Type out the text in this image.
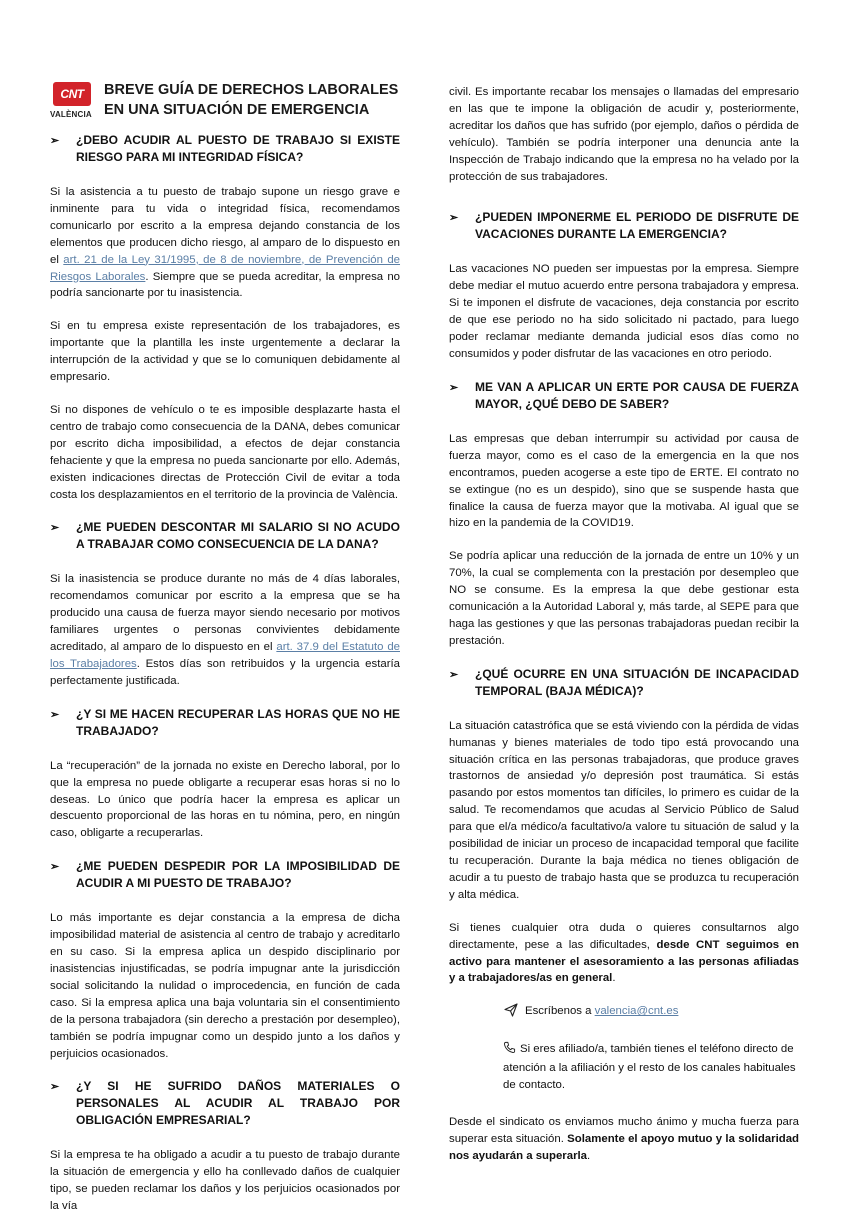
CNT
VALÈNCIA
BREVE GUÍA DE DERECHOS LABORALES EN UNA SITUACIÓN DE EMERGENCIA
➢	¿DEBO ACUDIR AL PUESTO DE TRABAJO SI EXISTE RIESGO PARA MI INTEGRIDAD FÍSICA?

Si la asistencia a tu puesto de trabajo supone un riesgo grave e inminente para tu vida o integridad física, recomendamos comunicarlo por escrito a la empresa dejando constancia de los elementos que producen dicho riesgo, al amparo de lo dispuesto en el art. 21 de la Ley 31/1995, de 8 de noviembre, de Prevención de Riesgos Laborales. Siempre que se pueda acreditar, la empresa no podría sancionarte por tu inasistencia.

Si en tu empresa existe representación de los trabajadores, es importante que la plantilla les inste urgentemente a declarar la interrupción de la actividad y que se lo comuniquen debidamente al empresario.

Si no dispones de vehículo o te es imposible desplazarte hasta el centro de trabajo como consecuencia de la DANA, debes comunicar por escrito dicha imposibilidad, a efectos de dejar constancia fehaciente y que la empresa no pueda sancionarte por ello. Además, existen indicaciones directas de Protección Civil de evitar a toda costa los desplazamientos en el territorio de la provincia de València.

➢	¿ME PUEDEN DESCONTAR MI SALARIO SI NO ACUDO A TRABAJAR COMO CONSECUENCIA DE LA DANA?

Si la inasistencia se produce durante no más de 4 días laborales, recomendamos comunicar por escrito a la empresa que se ha producido una causa de fuerza mayor siendo necesario por motivos familiares urgentes o personas convivientes debidamente acreditado, al amparo de lo dispuesto en el art. 37.9 del Estatuto de los Trabajadores. Estos días son retribuidos y la urgencia estaría perfectamente justificada.

➢	¿Y SI ME HACEN RECUPERAR LAS HORAS QUE NO HE TRABAJADO?

La “recuperación” de la jornada no existe en Derecho laboral, por lo que la empresa no puede obligarte a recuperar esas horas si no lo deseas. Lo único que podría hacer la empresa es aplicar un descuento proporcional de las horas en tu nómina, pero, en ningún caso, obligarte a recuperarlas.

➢	¿ME PUEDEN DESPEDIR POR LA IMPOSIBILIDAD DE ACUDIR A MI PUESTO DE TRABAJO?

Lo más importante es dejar constancia a la empresa de dicha imposibilidad material de asistencia al centro de trabajo y acreditarlo en su caso. Si la empresa aplica un despido disciplinario por inasistencias injustificadas, se podría impugnar ante la jurisdicción social solicitando la nulidad o improcedencia, en función de cada caso. Si la empresa aplica una baja voluntaria sin el consentimiento de la persona trabajadora (sin derecho a prestación por desempleo), también se podría impugnar como un despido junto a los daños y perjuicios ocasionados.

➢	¿Y SI HE SUFRIDO DAÑOS MATERIALES O PERSONALES AL ACUDIR AL TRABAJO POR OBLIGACIÓN EMPRESARIAL?

Si la empresa te ha obligado a acudir a tu puesto de trabajo durante la situación de emergencia y ello ha conllevado daños de cualquier tipo, se pueden reclamar los daños y los perjuicios ocasionados por la vía

civil. Es importante recabar los mensajes o llamadas del empresario en las que te impone la obligación de acudir y, posteriormente, acreditar los daños que has sufrido (por ejemplo, daños o pérdida de vehículo). También se podría interponer una denuncia ante la Inspección de Trabajo indicando que la empresa no ha velado por la protección de sus trabajadores.

➢	¿PUEDEN IMPONERME EL PERIODO DE DISFRUTE DE VACACIONES DURANTE LA EMERGENCIA?

Las vacaciones NO pueden ser impuestas por la empresa. Siempre debe mediar el mutuo acuerdo entre persona trabajadora y empresa. Si te imponen el disfrute de vacaciones, deja constancia por escrito de que ese periodo no ha sido solicitado ni pactado, para luego poder reclamar mediante demanda judicial esos días como no consumidos y poder disfrutar de las vacaciones en otro periodo.

➢	ME VAN A APLICAR UN ERTE POR CAUSA DE FUERZA MAYOR, ¿QUÉ DEBO DE SABER?

Las empresas que deban interrumpir su actividad por causa de fuerza mayor, como es el caso de la emergencia en la que nos encontramos, pueden acogerse a este tipo de ERTE. El contrato no se extingue (no es un despido), sino que se suspende hasta que finalice la causa de fuerza mayor que la motivaba. Al igual que se hizo en la pandemia de la COVID19.

Se podría aplicar una reducción de la jornada de entre un 10% y un 70%, la cual se complementa con la prestación por desempleo que NO se consume. Es la empresa la que debe gestionar esta comunicación a la Autoridad Laboral y, más tarde, al SEPE para que haga las gestiones y que las personas trabajadoras puedan recibir la prestación.

➢	¿QUÉ OCURRE EN UNA SITUACIÓN DE INCAPACIDAD TEMPORAL (BAJA MÉDICA)?

La situación catastrófica que se está viviendo con la pérdida de vidas humanas y bienes materiales de todo tipo está provocando una situación crítica en las personas trabajadoras, que produce graves trastornos de ansiedad y/o depresión post traumática. Si estás pasando por estos momentos tan difíciles, lo primero es cuidar de la salud. Te recomendamos que acudas al Servicio Público de Salud para que el/a médico/a facultativo/a valore tu situación de salud y la posibilidad de iniciar un proceso de incapacidad temporal que facilite tu recuperación. Durante la baja médica no tienes obligación de acudir a tu puesto de trabajo hasta que se produzca tu recuperación y alta médica.

Si tienes cualquier otra duda o quieres consultarnos algo directamente, pese a las dificultades, desde CNT seguimos en activo para mantener el asesoramiento a las personas afiliadas y a trabajadores/as en general.

Escríbenos a valencia@cnt.es
Si eres afiliado/a, también tienes el teléfono directo de atención a la afiliación y el resto de los canales habituales de contacto.

Desde el sindicato os enviamos mucho ánimo y mucha fuerza para superar esta situación. Solamente el apoyo mutuo y la solidaridad nos ayudarán a superarla.
